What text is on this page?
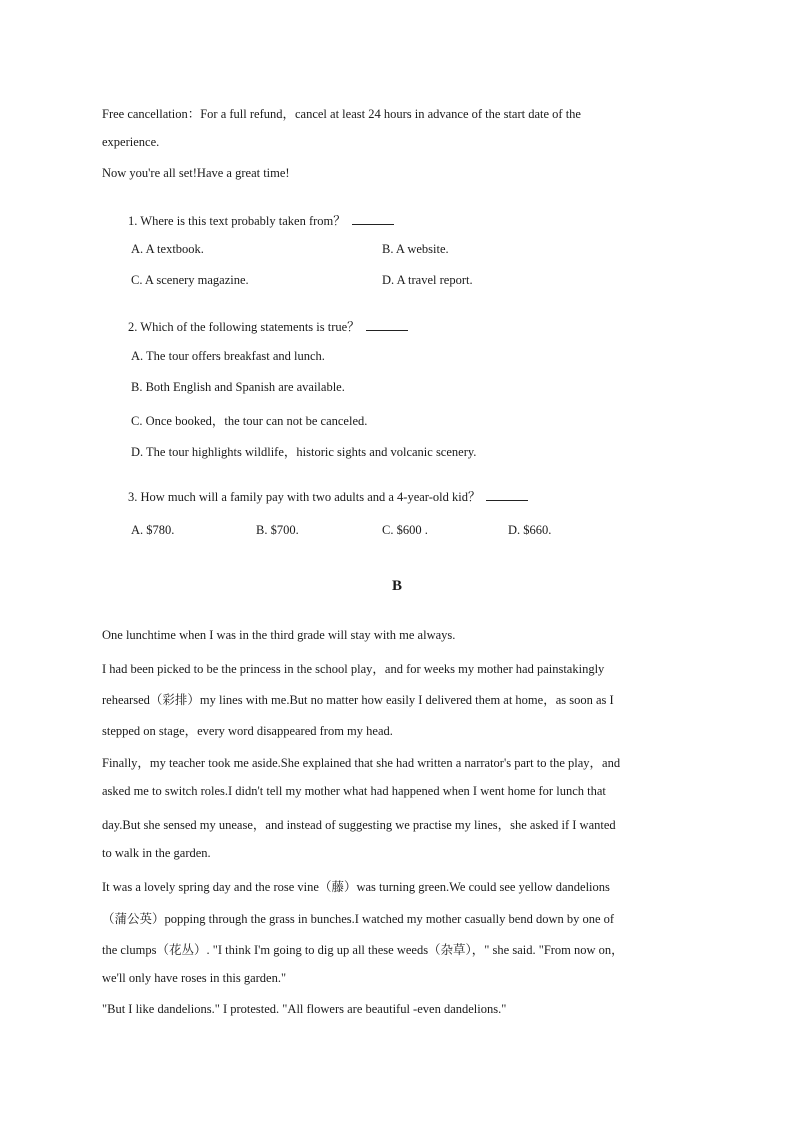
Free cancellation：For a full refund，cancel at least 24 hours in advance of the start date of the
experience.
Now you're all set!Have a great time!
1. Where is this text probably taken from？
A. A textbook.	B. A website.
C. A scenery magazine.	D. A travel report.
2. Which of the following statements is true？
A. The tour offers breakfast and lunch.
B. Both English and Spanish are available.
C. Once booked，the tour can not be canceled.
D. The tour highlights wildlife，historic sights and volcanic scenery.
3. How much will a family pay with two adults and a 4-year-old kid？
A. $780.	B. $700.	C. $600 .	D. $660.
B
One lunchtime when I was in the third grade will stay with me always.
I had been picked to be the princess in the school play，and for weeks my mother had painstakingly
rehearsed（彩排）my lines with me.But no matter how easily I delivered them at home，as soon as I
stepped on stage，every word disappeared from my head.
Finally，my teacher took me aside.She explained that she had written a narrator's part to the play，and
asked me to switch roles.I didn't tell my mother what had happened when I went home for lunch that
day.But she sensed my unease，and instead of suggesting we practise my lines，she asked if I wanted
to walk in the garden.
It was a lovely spring day and the rose vine（藤）was turning green.We could see yellow dandelions
（蒲公英）popping through the grass in bunches.I watched my mother casually bend down by one of
the clumps（花丛）. "I think I'm going to dig up all these weeds（杂草），" she said. "From now on，
we'll only have roses in this garden."
"But I like dandelions." I protested. "All flowers are beautiful -even dandelions."
